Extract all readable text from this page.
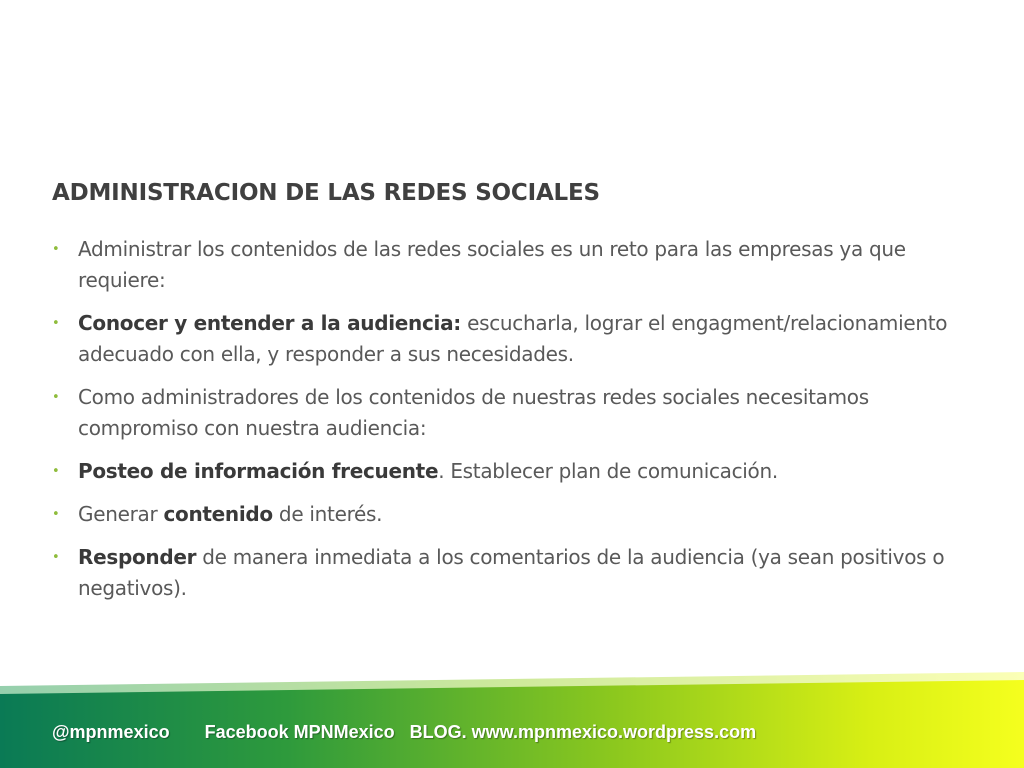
ADMINISTRACION DE LAS REDES SOCIALES
• Administrar los contenidos de las redes sociales es un reto para las empresas ya que requiere:
• Conocer y entender a la audiencia: escucharla, lograr el engagment/relacionamiento adecuado con ella, y responder a sus necesidades.
• Como administradores de los contenidos de nuestras redes sociales necesitamos compromiso con nuestra audiencia:
• Posteo de información frecuente. Establecer plan de comunicación.
• Generar contenido de interés.
• Responder de manera inmediata a los comentarios de la audiencia (ya sean positivos o negativos).
@mpnmexico Facebook MPNMexico BLOG. www.mpnmexico.wordpress.com
